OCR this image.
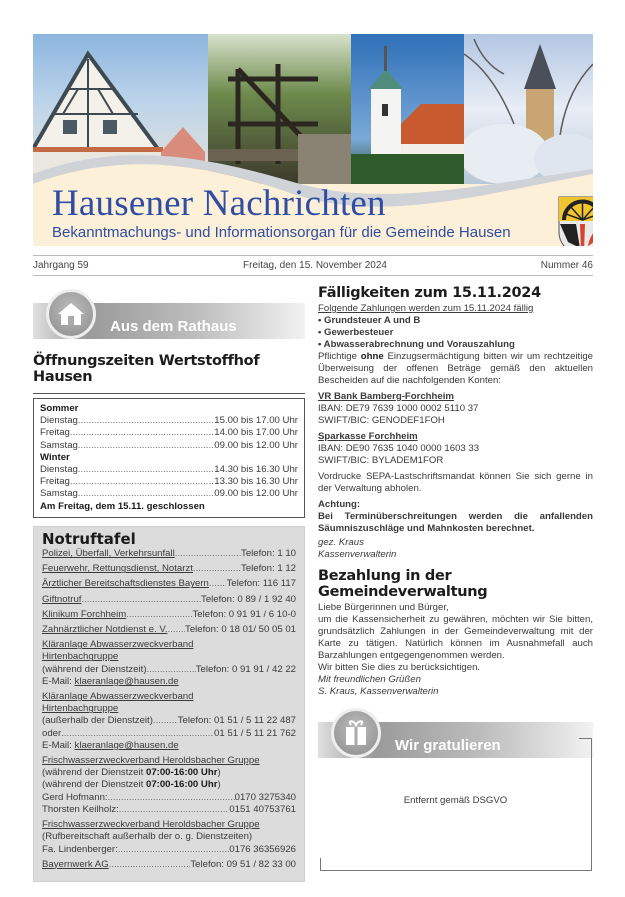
Hausener Nachrichten
Bekanntmachungs- und Informationsorgan für die Gemeinde Hausen
Jahrgang 59	Freitag, den 15. November 2024	Nummer 46
Aus dem Rathaus
Öffnungszeiten Wertstoffhof Hausen
Sommer
Dienstag .....	15.00 bis 17.00 Uhr
Freitag .....	14.00 bis 17.00 Uhr
Samstag .....	09.00 bis 12.00 Uhr
Winter
Dienstag .....	14.30 bis 16.30 Uhr
Freitag .....	13.30 bis 16.30 Uhr
Samstag .....	09.00 bis 12.00 Uhr
Am Freitag, dem 15.11. geschlossen
Notruftafel
Polizei, Überfall, Verkehrsunfall .....	Telefon: 1 10
Feuerwehr, Rettungsdienst, Notarzt .....	Telefon: 1 12
Ärztlicher Bereitschaftsdienstes Bayern ..... Telefon: 116 117
Giftnotruf .....	Telefon: 0 89 / 1 92 40
Klinikum Forchheim .....	Telefon: 0 91 91 / 6 10-0
Zahnärztlicher Notdienst e. V. ..... Telefon: 0 18 01/ 50 05 01
Kläranlage Abwasserzweckverband
Hirtenbachgruppe
(während der Dienstzeit) .....	Telefon: 0 91 91 / 42 22
E-Mail: klaeranlage@hausen.de
Kläranlage Abwasserzweckverband
Hirtenbachgruppe
(außerhalb der Dienstzeit) .....	Telefon: 01 51 / 5 11 22 487
oder .....	01 51 / 5 11 21 762
E-Mail: klaeranlage@hausen.de
Frischwasserzweckverband Heroldsbacher Gruppe
(während der Dienstzeit 07:00-16:00 Uhr)
(während der Dienstzeit 07:00-16:00 Uhr)
Gerd Hofmann: .....	0170 3275340
Thorsten Keilholz: .....	0151 40753761
Frischwasserzweckverband Heroldsbacher Gruppe
(Rufbereitschaft außerhalb der o. g. Dienstzeiten)
Fa. Lindenberger: .....	0176 36356926
Bayernwerk AG .....	Telefon: 09 51 / 82 33 00
Fälligkeiten zum 15.11.2024
Folgende Zahlungen werden zum 15.11.2024 fällig
• Grundsteuer A und B
• Gewerbesteuer
• Abwasserabrechnung und Vorauszahlung
Pflichtige ohne Einzugsermächtigung bitten wir um rechtzeitige Überweisung der offenen Beträge gemäß den aktuellen Bescheiden auf die nachfolgenden Konten:
VR Bank Bamberg-Forchheim
IBAN: DE79 7639 1000 0002 5110 37
SWIFT/BIC: GENODEF1FOH
Sparkasse Forchheim
IBAN: DE90 7635 1040 0000 1603 33
SWIFT/BIC: BYLADEM1FOR
Vordrucke SEPA-Lastschriftsmandat können Sie sich gerne in der Verwaltung abholen.
Achtung:
Bei Terminüberschreitungen werden die anfallenden Säumniszuschläge und Mahnkosten berechnet.
gez. Kraus
Kassenverwalterin
Bezahlung in der Gemeindeverwaltung
Liebe Bürgerinnen und Bürger,
um die Kassensicherheit zu gewähren, möchten wir Sie bitten, grundsätzlich Zahlungen in der Gemeindeverwaltung mit der Karte zu tätigen. Natürlich können im Ausnahmefall auch Barzahlungen entgegengenommen werden.
Wir bitten Sie dies zu berücksichtigen.
Mit freundlichen Grüßen
S. Kraus, Kassenverwalterin
Wir gratulieren
Entfernt gemäß DSGVO
